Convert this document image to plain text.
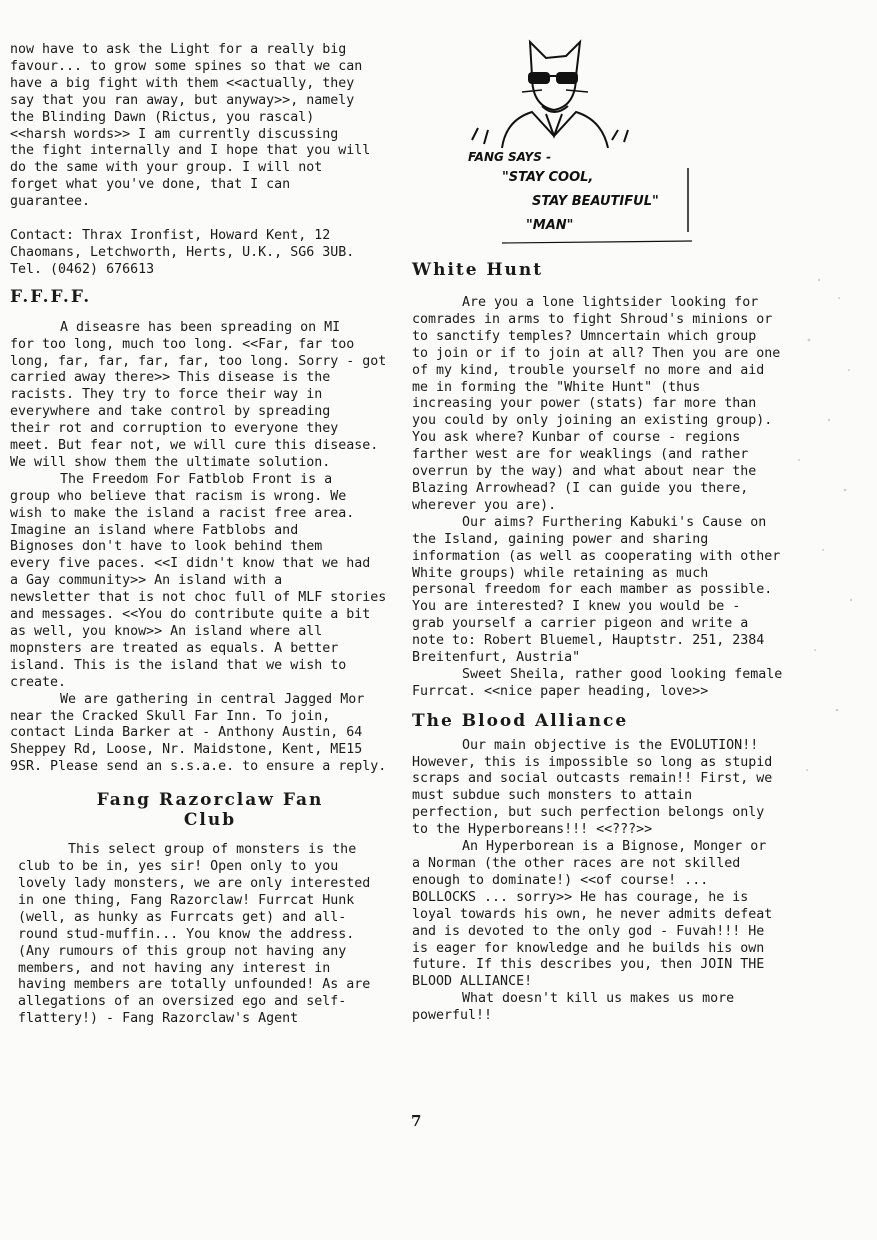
now have to ask the Light for a really big
favour... to grow some spines so that we can
have a big fight with them <<actually, they
say that you ran away, but anyway>>, namely
the Blinding Dawn (Rictus, you rascal)
<<harsh words>> I am currently discussing
the fight internally and I hope that you will
do the same with your group. I will not
forget what you've done, that I can
guarantee.

Contact: Thrax Ironfist, Howard Kent, 12
Chaomans, Letchworth, Herts, U.K., SG6 3UB.
Tel. (0462) 676613

F.F.F.F.

A diseasre has been spreading on MI
for too long, much too long. <<Far, far too
long, far, far, far, far, too long. Sorry - got
carried away there>> This disease is the
racists. They try to force their way in
everywhere and take control by spreading
their rot and corruption to everyone they
meet. But fear not, we will cure this disease.
We will show them the ultimate solution.

The Freedom For Fatblob Front is a
group who believe that racism is wrong. We
wish to make the island a racist free area.
Imagine an island where Fatblobs and
Bignoses don't have to look behind them
every five paces. <<I didn't know that we had
a Gay community>> An island with a
newsletter that is not choc full of MLF stories
and messages. <<You do contribute quite a bit
as well, you know>> An island where all
mopnsters are treated as equals. A better
island. This is the island that we wish to
create.

We are gathering in central Jagged Mor
near the Cracked Skull Far Inn. To join,
contact Linda Barker at - Anthony Austin, 64
Sheppey Rd, Loose, Nr. Maidstone, Kent, ME15
9SR. Please send an s.s.a.e. to ensure a reply.

Fang Razorclaw Fan
Club

This select group of monsters is the
club to be in, yes sir! Open only to you
lovely lady monsters, we are only interested
in one thing, Fang Razorclaw! Furrcat Hunk
(well, as hunky as Furrcats get) and all-
round stud-muffin... You know the address.
(Any rumours of this group not having any
members, and not having any interest in
having members are totally unfounded! As are
allegations of an oversized ego and self-
flattery!) - Fang Razorclaw's Agent

FANG SAYS -
"STAY COOL,
STAY BEAUTIFUL"
"MAN"
White Hunt

Are you a lone lightsider looking for
comrades in arms to fight Shroud's minions or
to sanctify temples? Umncertain which group
to join or if to join at all? Then you are one
of my kind, trouble yourself no more and aid
me in forming the "White Hunt" (thus
increasing your power (stats) far more than
you could by only joining an existing group).
You ask where? Kunbar of course - regions
farther west are for weaklings (and rather
overrun by the way) and what about near the
Blazing Arrowhead? (I can guide you there,
wherever you are).

Our aims? Furthering Kabuki's Cause on
the Island, gaining power and sharing
information (as well as cooperating with other
White groups) while retaining as much
personal freedom for each mamber as possible.
You are interested? I knew you would be -
grab yourself a carrier pigeon and write a
note to: Robert Bluemel, Hauptstr. 251, 2384
Breitenfurt, Austria"

Sweet Sheila, rather good looking female
Furrcat. <<nice paper heading, love>>

The Blood Alliance

Our main objective is the EVOLUTION!!
However, this is impossible so long as stupid
scraps and social outcasts remain!! First, we
must subdue such monsters to attain
perfection, but such perfection belongs only
to the Hyperboreans!!! <<???>>

An Hyperborean is a Bignose, Monger or
a Norman (the other races are not skilled
enough to dominate!) <<of course! ...
BOLLOCKS ... sorry>> He has courage, he is
loyal towards his own, he never admits defeat
and is devoted to the only god - Fuvah!!! He
is eager for knowledge and he builds his own
future. If this describes you, then JOIN THE
BLOOD ALLIANCE!

What doesn't kill us makes us more
powerful!!

7
